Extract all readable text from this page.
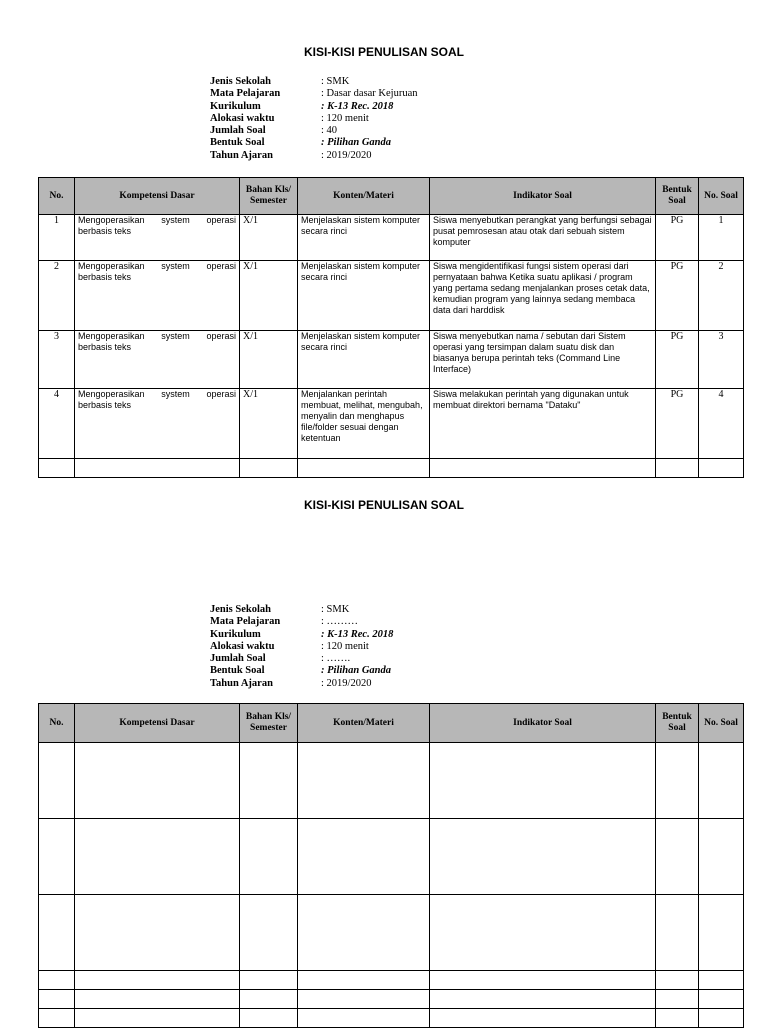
KISI-KISI PENULISAN SOAL
Jenis Sekolah	: SMK
Mata Pelajaran	: Dasar dasar Kejuruan
Kurikulum	: K-13 Rec. 2018
Alokasi waktu	: 120 menit
Jumlah Soal	: 40
Bentuk Soal	: Pilihan Ganda
Tahun Ajaran	: 2019/2020
No.	Kompetensi Dasar	Bahan Kls/ Semester	Konten/Materi	Indikator Soal	Bentuk Soal	No. Soal
1	Mengoperasikan system operasi berbasis teks	X/1	Menjelaskan sistem komputer secara rinci	Siswa menyebutkan perangkat yang berfungsi sebagai pusat pemrosesan atau otak dari sebuah sistem komputer	PG	1
2	Mengoperasikan system operasi berbasis teks	X/1	Menjelaskan sistem komputer secara rinci	Siswa mengidentifikasi fungsi sistem operasi dari pernyataan bahwa Ketika suatu aplikasi / program yang pertama sedang menjalankan proses cetak data, kemudian program yang lainnya sedang membaca data dari harddisk	PG	2
3	Mengoperasikan system operasi berbasis teks	X/1	Menjelaskan sistem komputer secara rinci	Siswa menyebutkan nama / sebutan dari Sistem operasi yang tersimpan dalam suatu disk dan biasanya berupa perintah teks (Command Line Interface)	PG	3
4	Mengoperasikan system operasi berbasis teks	X/1	Menjalankan perintah membuat, melihat, mengubah, menyalin dan menghapus file/folder sesuai dengan ketentuan	Siswa melakukan perintah yang digunakan untuk membuat direktori bernama "Dataku"	PG	4

KISI-KISI PENULISAN SOAL
Jenis Sekolah	: SMK
Mata Pelajaran	: ………
Kurikulum	: K-13 Rec. 2018
Alokasi waktu	: 120 menit
Jumlah Soal	: …….
Bentuk Soal	: Pilihan Ganda
Tahun Ajaran	: 2019/2020
No.	Kompetensi Dasar	Bahan Kls/ Semester	Konten/Materi	Indikator Soal	Bentuk Soal	No. Soal
